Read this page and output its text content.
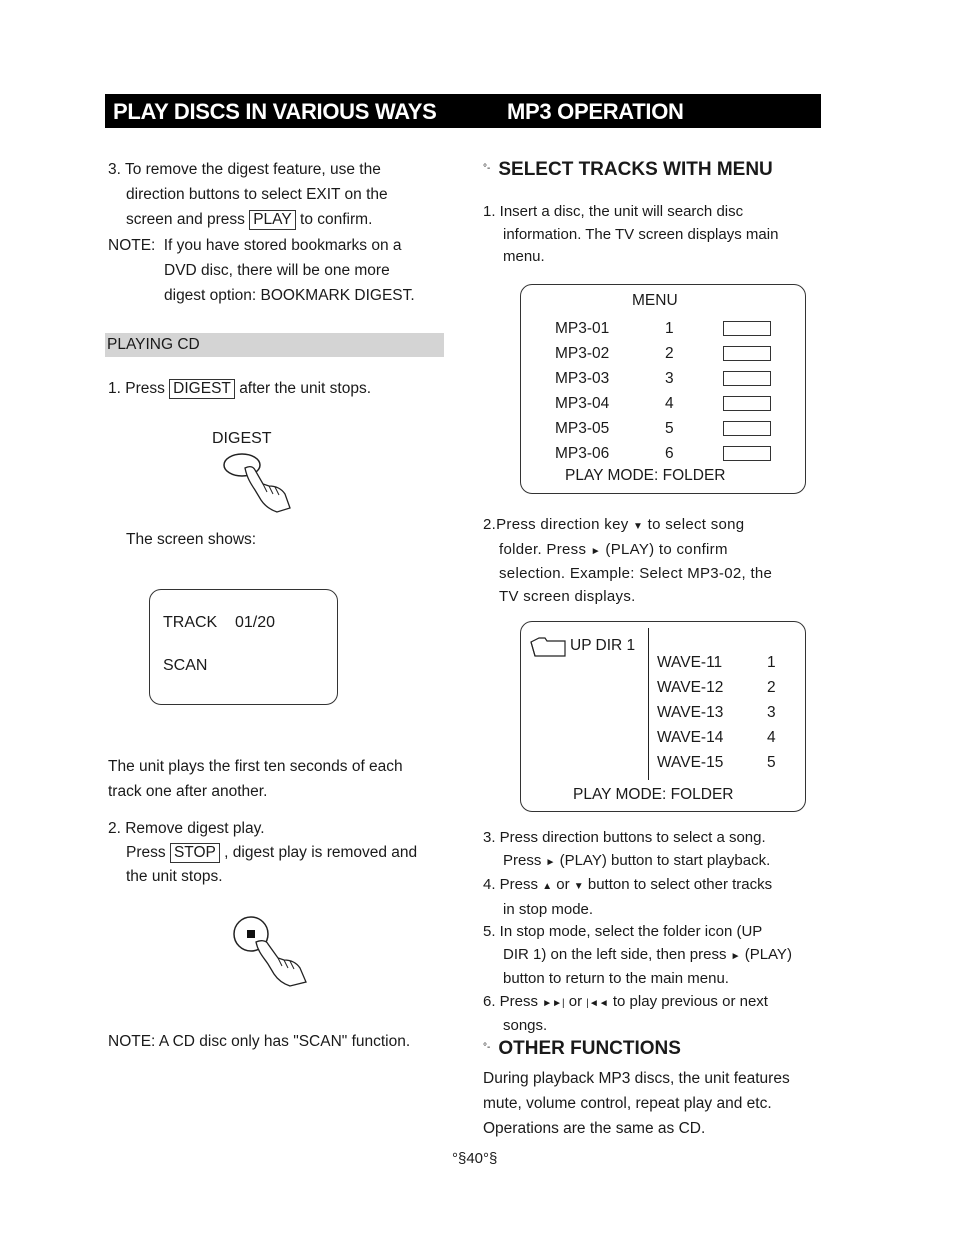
PLAY DISCS IN VARIOUS WAYS	MP3 OPERATION
3. To remove the digest feature, use the
direction buttons to select EXIT on the
screen and press PLAY to confirm.
NOTE: If you have stored bookmarks on a
DVD disc, there will be one more
digest option: BOOKMARK DIGEST.
PLAYING CD
1. Press DIGEST after the unit stops.
DIGEST
The screen shows:
TRACK 01/20
SCAN
The unit plays the first ten seconds of each
track one after another.
2. Remove digest play.
Press STOP , digest play is removed and
the unit stops.
NOTE: A CD disc only has "SCAN" function.
°- SELECT TRACKS WITH MENU
1. Insert a disc, the unit will search disc
information. The TV screen displays main
menu.
MENU
MP3-01	1
MP3-02	2
MP3-03	3
MP3-04	4
MP3-05	5
MP3-06	6
PLAY MODE: FOLDER
2.Press direction key ▼ to select song
folder. Press ► (PLAY) to confirm
selection. Example: Select MP3-02, the
TV screen displays.
UP DIR 1
WAVE-11	1
WAVE-12	2
WAVE-13	3
WAVE-14	4
WAVE-15	5
PLAY MODE: FOLDER
3. Press direction buttons to select a song.
Press ► (PLAY) button to start playback.
4. Press ▲ or ▼ button to select other tracks
in stop mode.
5. In stop mode, select the folder icon (UP
DIR 1) on the left side, then press ► (PLAY)
button to return to the main menu.
6. Press ►►| or |◄◄ to play previous or next
songs.
°- OTHER FUNCTIONS
During playback MP3 discs, the unit features
mute, volume control, repeat play and etc.
Operations are the same as CD.
°§40°§
